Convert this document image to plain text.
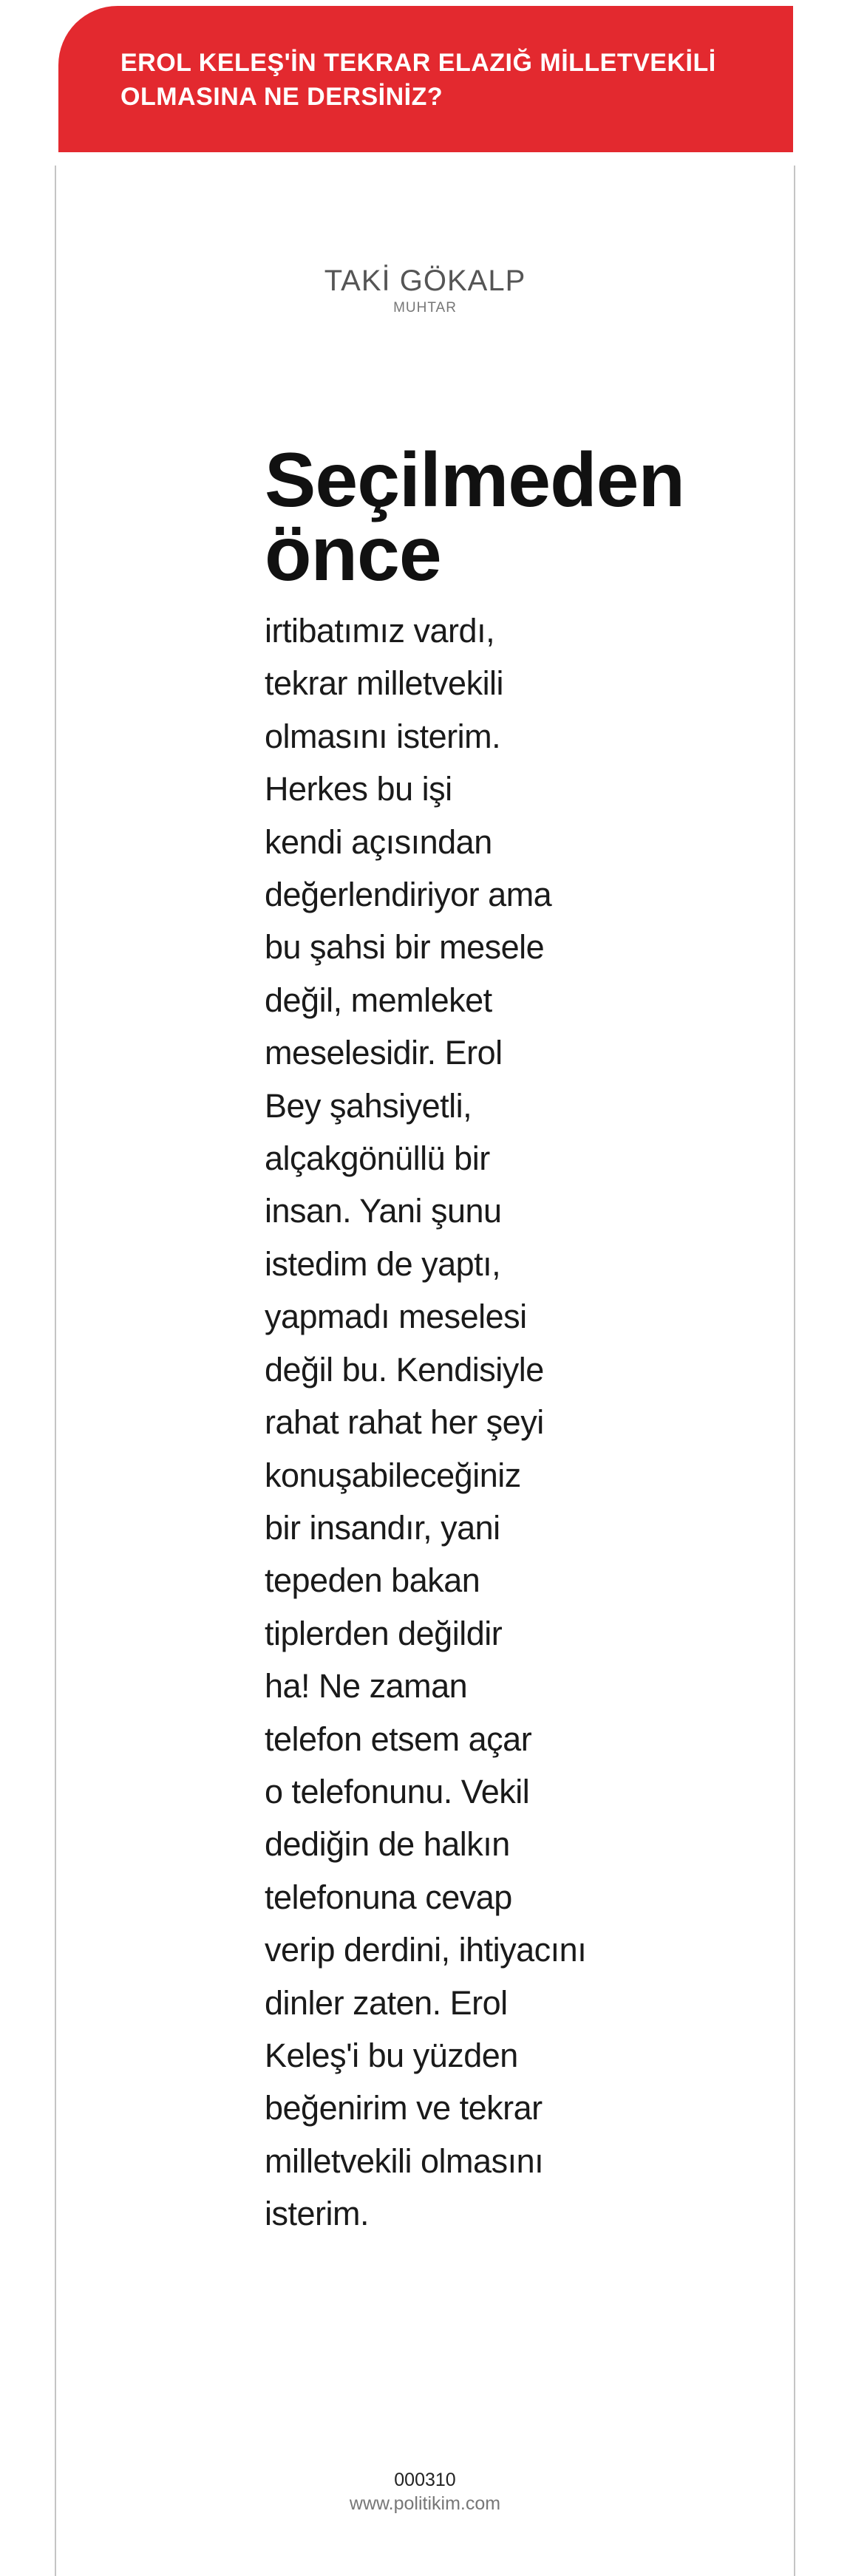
EROL KELEŞ'İN TEKRAR ELAZIĞ MİLLETVEKİLİ
OLMASINA NE DERSİNİZ?

TAKİ GÖKALP
MUHTAR
Seçilmeden
önce
irtibatımız vardı,
tekrar milletvekili
olmasını isterim.
Herkes bu işi
kendi açısından
değerlendiriyor ama
bu şahsi bir mesele
değil, memleket
meselesidir. Erol
Bey şahsiyetli,
alçakgönüllü bir
insan. Yani şunu
istedim de yaptı,
yapmadı meselesi
değil bu. Kendisiyle
rahat rahat her şeyi
konuşabileceğiniz
bir insandır, yani
tepeden bakan
tiplerden değildir
ha! Ne zaman
telefon etsem açar
o telefonunu. Vekil
dediğin de halkın
telefonuna cevap
verip derdini, ihtiyacını
dinler zaten. Erol
Keleş'i bu yüzden
beğenirim ve tekrar
milletvekili olmasını
isterim.
000310
www.politikim.com
